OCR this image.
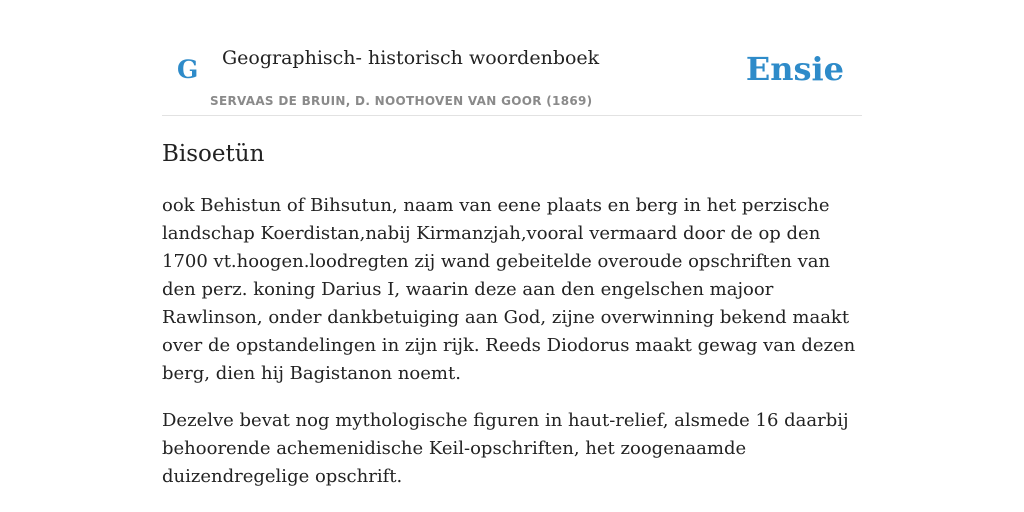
G Geographisch- historisch woordenboek
SERVAAS DE BRUIN, D. NOOTHOVEN VAN GOOR (1869)
Ensie
Bisoetün

ook Behistun of Bihsutun, naam van eene plaats en berg in het perzische landschap Koerdistan,nabij Kirmanzjah,vooral vermaard door de op den 1700 vt.hoogen.loodregten zij wand gebeitelde overoude opschriften van den perz. koning Darius I, waarin deze aan den engelschen majoor Rawlinson, onder dankbetuiging aan God, zijne overwinning bekend maakt over de opstandelingen in zijn rijk. Reeds Diodorus maakt gewag van dezen berg, dien hij Bagistanon noemt.

Dezelve bevat nog mythologische figuren in haut-relief, alsmede 16 daarbij behoorende achemenidische Keil-opschriften, het zoogenaamde duizendregelige opschrift.
